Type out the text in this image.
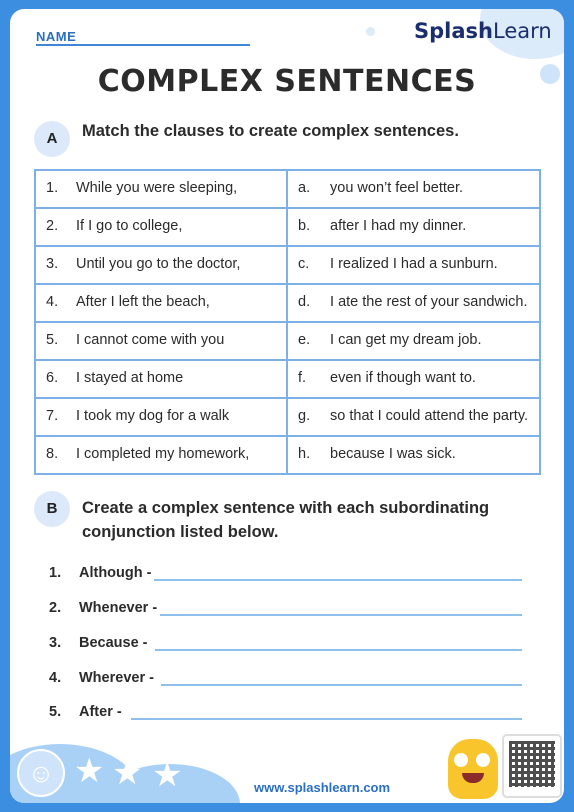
NAME	SplashLearn
COMPLEX SENTENCES
A	Match the clauses to create complex sentences.
1. While you were sleeping,	a. you won’t feel better.

2. If I go to college,	b. after I had my dinner.

3. Until you go to the doctor,	c. I realized I had a sunburn.

4. After I left the beach,	d. I ate the rest of your sandwich.

5. I cannot come with you	e. I can get my dream job.

6. I stayed at home	f. even if though want to.

7. I took my dog for a walk	g. so that I could attend the party.

8. I completed my homework,	h. because I was sick.
B	Create a complex sentence with each subordinating conjunction listed below.
1. Although -
2. Whenever -
3. Because -
4. Wherever -
5. After -
☺ ★ ★ ★	www.splashlearn.com
